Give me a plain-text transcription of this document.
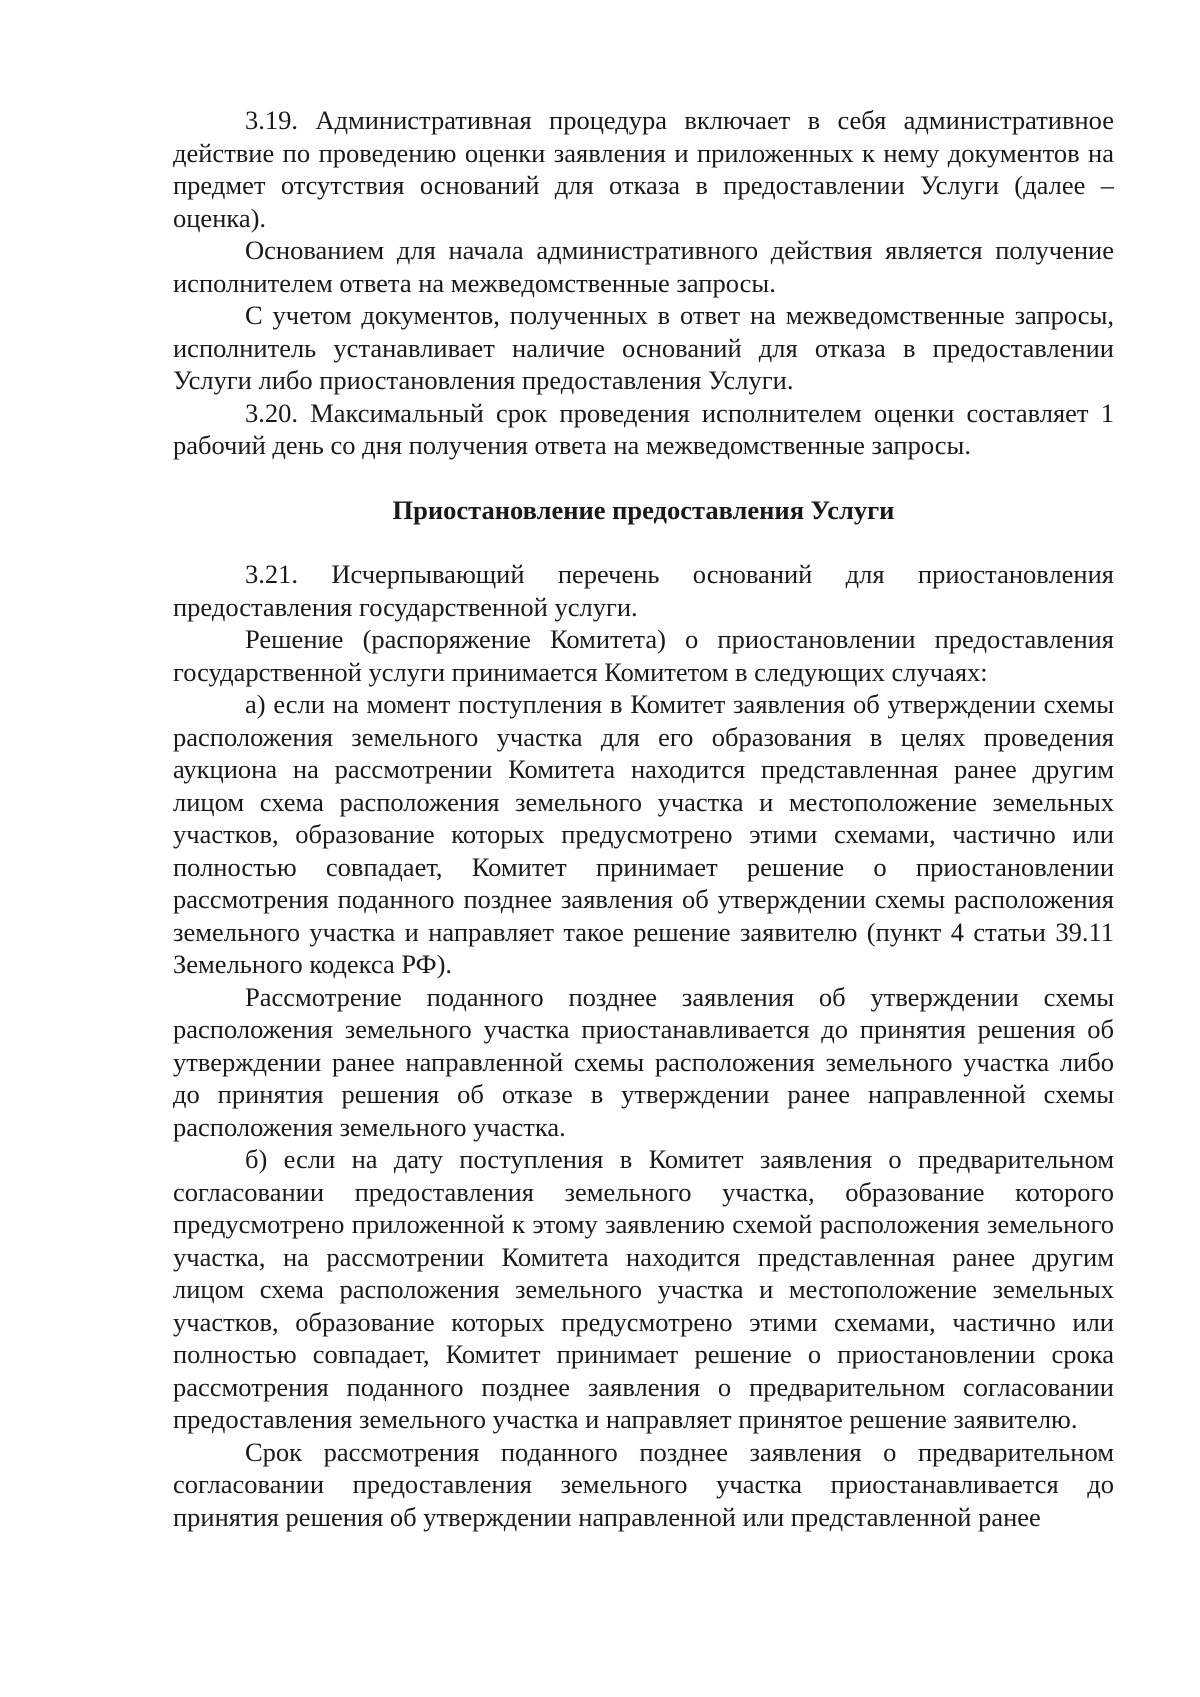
3.19. Административная процедура включает в себя административное действие по проведению оценки заявления и приложенных к нему документов на предмет отсутствия оснований для отказа в предоставлении Услуги (далее – оценка).

Основанием для начала административного действия является получение исполнителем ответа на межведомственные запросы.

С учетом документов, полученных в ответ на межведомственные запросы, исполнитель устанавливает наличие оснований для отказа в предоставлении Услуги либо приостановления предоставления Услуги.

3.20. Максимальный срок проведения исполнителем оценки составляет 1 рабочий день со дня получения ответа на межведомственные запросы.

Приостановление предоставления Услуги

3.21. Исчерпывающий перечень оснований для приостановления предоставления государственной услуги.

Решение (распоряжение Комитета) о приостановлении предоставления государственной услуги принимается Комитетом в следующих случаях:

а) если на момент поступления в Комитет заявления об утверждении схемы расположения земельного участка для его образования в целях проведения аукциона на рассмотрении Комитета находится представленная ранее другим лицом схема расположения земельного участка и местоположение земельных участков, образование которых предусмотрено этими схемами, частично или полностью совпадает, Комитет принимает решение о приостановлении рассмотрения поданного позднее заявления об утверждении схемы расположения земельного участка и направляет такое решение заявителю (пункт 4 статьи 39.11 Земельного кодекса РФ).

Рассмотрение поданного позднее заявления об утверждении схемы расположения земельного участка приостанавливается до принятия решения об утверждении ранее направленной схемы расположения земельного участка либо до принятия решения об отказе в утверждении ранее направленной схемы расположения земельного участка.

б) если на дату поступления в Комитет заявления о предварительном согласовании предоставления земельного участка, образование которого предусмотрено приложенной к этому заявлению схемой расположения земельного участка, на рассмотрении Комитета находится представленная ранее другим лицом схема расположения земельного участка и местоположение земельных участков, образование которых предусмотрено этими схемами, частично или полностью совпадает, Комитет принимает решение о приостановлении срока рассмотрения поданного позднее заявления о предварительном согласовании предоставления земельного участка и направляет принятое решение заявителю.

Срок рассмотрения поданного позднее заявления о предварительном согласовании предоставления земельного участка приостанавливается до принятия решения об утверждении направленной или представленной ранее
